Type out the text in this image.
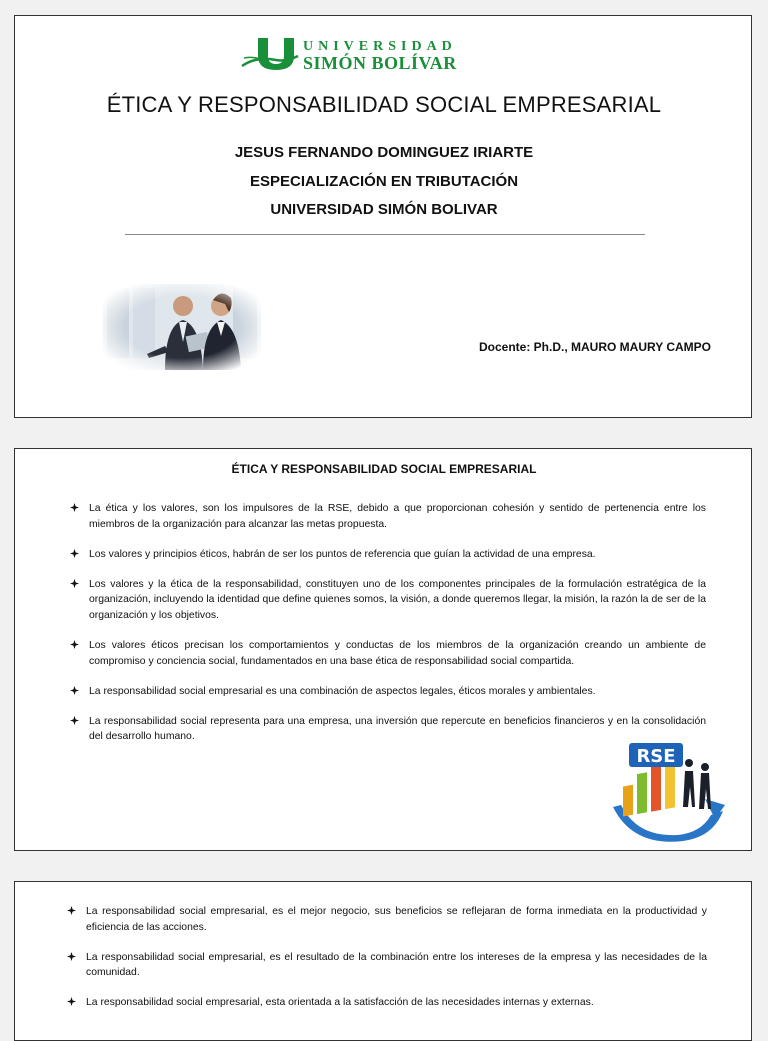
UNIVERSIDAD
SIMÓN BOLÍVAR
ÉTICA Y RESPONSABILIDAD SOCIAL EMPRESARIAL
JESUS FERNANDO DOMINGUEZ IRIARTE
ESPECIALIZACIÓN EN TRIBUTACIÓN
UNIVERSIDAD SIMÓN BOLIVAR
Docente: Ph.D., MAURO MAURY CAMPO
ÉTICA Y RESPONSABILIDAD SOCIAL EMPRESARIAL
La ética y los valores, son los impulsores de la RSE, debido a que proporcionan cohesión y sentido de pertenencia entre los miembros de la organización para alcanzar las metas propuesta.
Los valores y principios éticos, habrán de ser los puntos de referencia que guían la actividad de una empresa.
Los valores y la ética de la responsabilidad, constituyen uno de los componentes principales de la formulación estratégica de la organización, incluyendo la identidad que define quienes somos, la visión, a donde queremos llegar, la misión, la razón la de ser de la organización y los objetivos.
Los valores éticos precisan los comportamientos y conductas de los miembros de la organización creando un ambiente de compromiso y conciencia social, fundamentados en una base ética de responsabilidad social compartida.
La responsabilidad social empresarial es una combinación de aspectos legales, éticos morales y ambientales.
La responsabilidad social representa para una empresa, una inversión que repercute en beneficios financieros y en la consolidación del desarrollo humano.
RSE
La responsabilidad social empresarial, es el mejor negocio, sus beneficios se reflejaran de forma inmediata en la productividad y eficiencia de las acciones.
La responsabilidad social empresarial, es el resultado de la combinación entre los intereses de la empresa y las necesidades de la comunidad.
La responsabilidad social empresarial, esta orientada a la satisfacción de las necesidades internas y externas.
